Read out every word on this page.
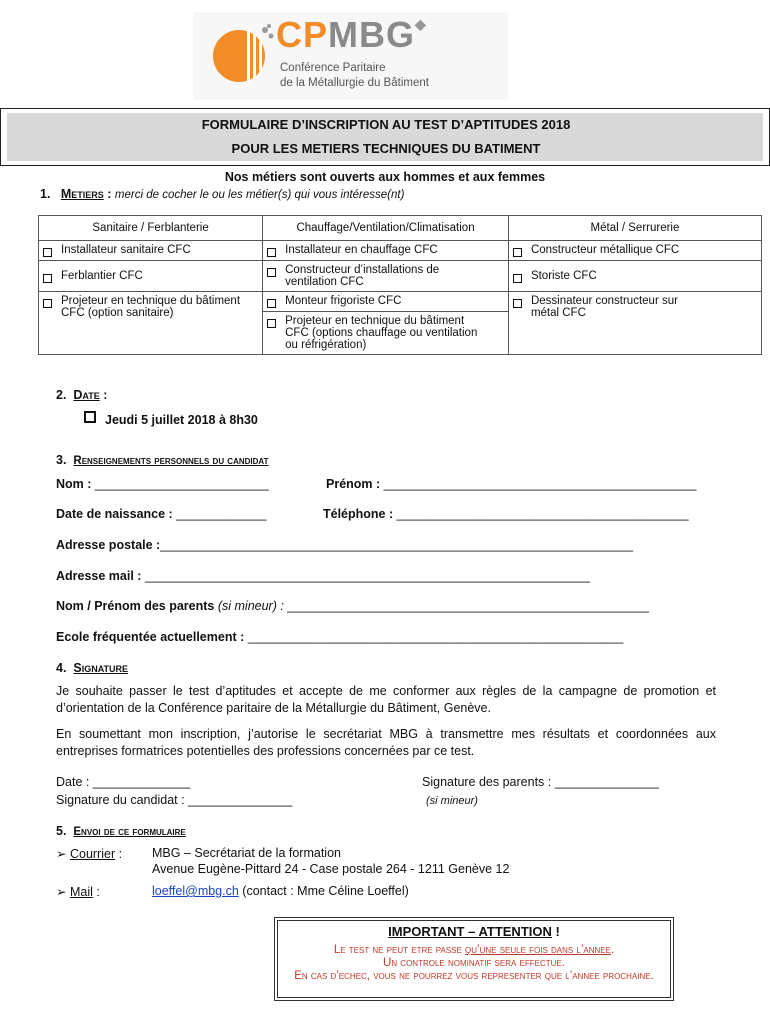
CPMBG◆
Conférence Paritaire
de la Métallurgie du Bâtiment
FORMULAIRE D’INSCRIPTION AU TEST D’APTITUDES 2018
POUR LES METIERS TECHNIQUES DU BATIMENT
Nos métiers sont ouverts aux hommes et aux femmes
1. Metiers : merci de cocher le ou les métier(s) qui vous intéresse(nt)
Sanitaire / Ferblanterie	Chauffage/Ventilation/Climatisation	Métal / Serrurerie

Installateur sanitaire CFC	Installateur en chauffage CFC	Constructeur métallique CFC

Ferblantier CFC	Constructeur d’installations de ventilation CFC	Storiste CFC

Projeteur en technique du bâtiment CFC (option sanitaire)	Monteur frigoriste CFC	Dessinateur constructeur sur métal CFC

	Projeteur en technique du bâtiment CFC (options chauffage ou ventilation ou réfrigération)	
2. Date :
Jeudi 5 juillet 2018 à 8h30
3. Renseignements personnels du candidat
Nom : _________________________	Prénom : _____________________________________________
Date de naissance : _____________	Téléphone : __________________________________________
Adresse postale :____________________________________________________________________
Adresse mail : ________________________________________________________________
Nom / Prénom des parents (si mineur) : ____________________________________________________
Ecole fréquentée actuellement : ______________________________________________________
4. Signature

Je souhaite passer le test d’aptitudes et accepte de me conformer aux règles de la campagne de promotion et d’orientation de la Conférence paritaire de la Métallurgie du Bâtiment, Genève.

En soumettant mon inscription, j’autorise le secrétariat MBG à transmettre mes résultats et coordonnées aux entreprises formatrices potentielles des professions concernées par ce test.

Date : ______________
Signature du candidat : _______________
Signature des parents : _______________
(si mineur)
5. Envoi de ce formulaire
➢ Courrier : MBG – Secrétariat de la formation
Avenue Eugène-Pittard 24 - Case postale 264 - 1211 Genève 12
➢ Mail :	loeffel@mbg.ch (contact : Mme Céline Loeffel)
IMPORTANT – ATTENTION !
Le test ne peut etre passe qu’une seule fois dans l’annee.
Un controle nominatif sera effectue.
En cas d’echec, vous ne pourrez vous representer que l’annee prochaine.
